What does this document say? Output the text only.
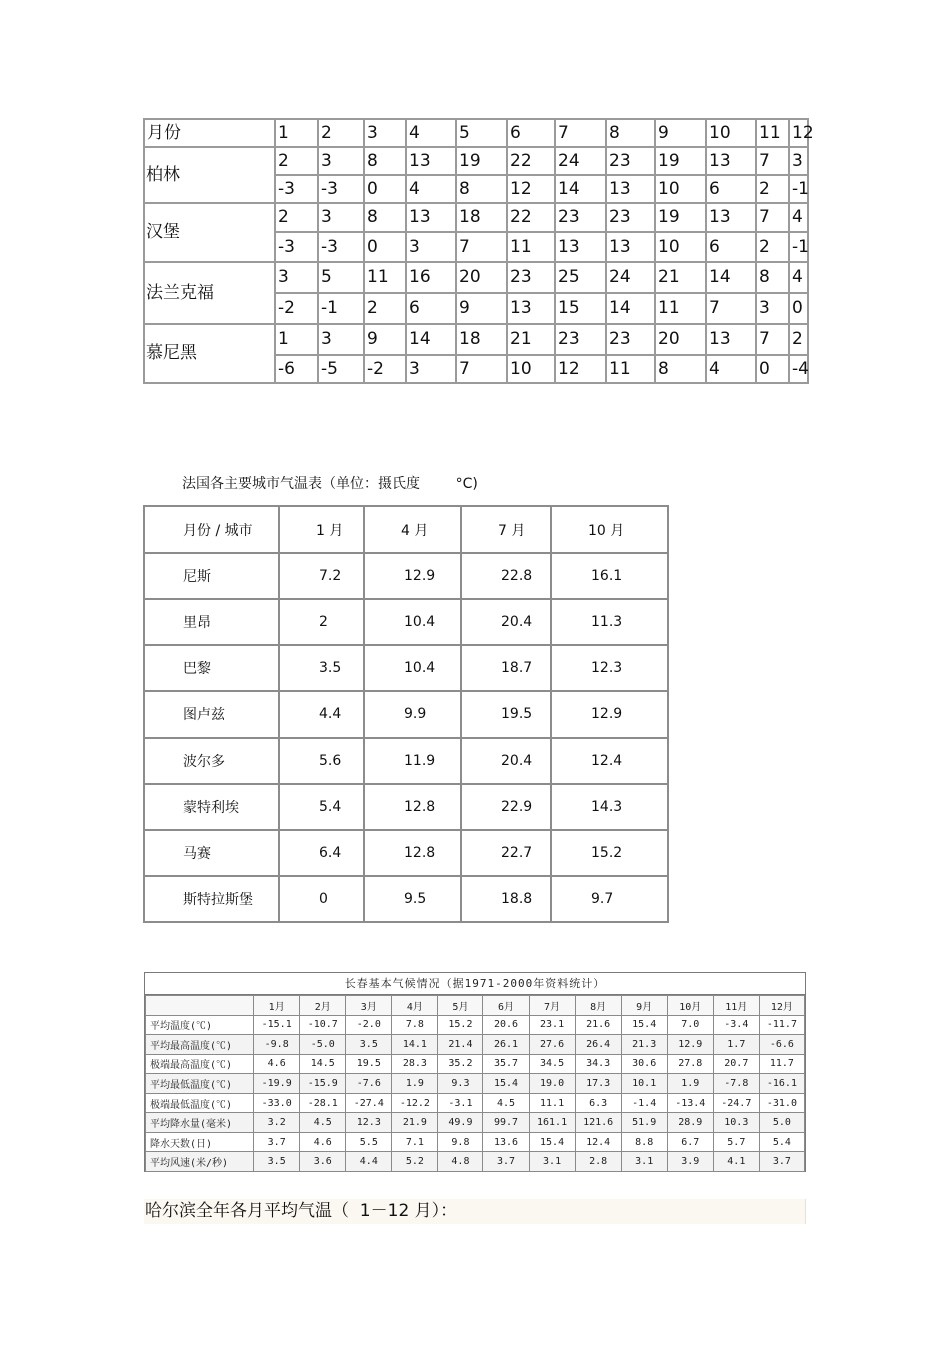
月份	1	2	3	4	5	6	7	8	9	10	11	12
柏林	2	3	8	13	19	22	24	23	19	13	7	3
	-3	-3	0	4	8	12	14	13	10	6	2	-1
汉堡	2	3	8	13	18	22	23	23	19	13	7	4
	-3	-3	0	3	7	11	13	13	10	6	2	-1
法兰克福	3	5	11	16	20	23	25	24	21	14	8	4
	-2	-1	2	6	9	13	15	14	11	7	3	0
慕尼黑	1	3	9	14	18	21	23	23	20	13	7	2
	-6	-5	-2	3	7	10	12	11	8	4	0	-4
法国各主要城市气温表（单位：摄氏度        °C)
月份 / 城市	1 月	4 月	7 月	10 月
尼斯	7.2	12.9	22.8	16.1
里昂	2	10.4	20.4	11.3
巴黎	3.5	10.4	18.7	12.3
图卢兹	4.4	9.9	19.5	12.9
波尔多	5.6	11.9	20.4	12.4
蒙特利埃	5.4	12.8	22.9	14.3
马赛	6.4	12.8	22.7	15.2
斯特拉斯堡	0	9.5	18.8	9.7
长春基本气候情况（据1971-2000年资料统计）
	1月	2月	3月	4月	5月	6月	7月	8月	9月	10月	11月	12月
平均温度(℃)	-15.1	-10.7	-2.0	7.8	15.2	20.6	23.1	21.6	15.4	7.0	-3.4	-11.7
平均最高温度(℃)	-9.8	-5.0	3.5	14.1	21.4	26.1	27.6	26.4	21.3	12.9	1.7	-6.6
极端最高温度(℃)	4.6	14.5	19.5	28.3	35.2	35.7	34.5	34.3	30.6	27.8	20.7	11.7
平均最低温度(℃)	-19.9	-15.9	-7.6	1.9	9.3	15.4	19.0	17.3	10.1	1.9	-7.8	-16.1
极端最低温度(℃)	-33.0	-28.1	-27.4	-12.2	-3.1	4.5	11.1	6.3	-1.4	-13.4	-24.7	-31.0
平均降水量(毫米)	3.2	4.5	12.3	21.9	49.9	99.7	161.1	121.6	51.9	28.9	10.3	5.0
降水天数(日)	3.7	4.6	5.5	7.1	9.8	13.6	15.4	12.4	8.8	6.7	5.7	5.4
平均风速(米/秒)	3.5	3.6	4.4	5.2	4.8	3.7	3.1	2.8	3.1	3.9	4.1	3.7
哈尔滨全年各月平均气温（  1－12 月）：
